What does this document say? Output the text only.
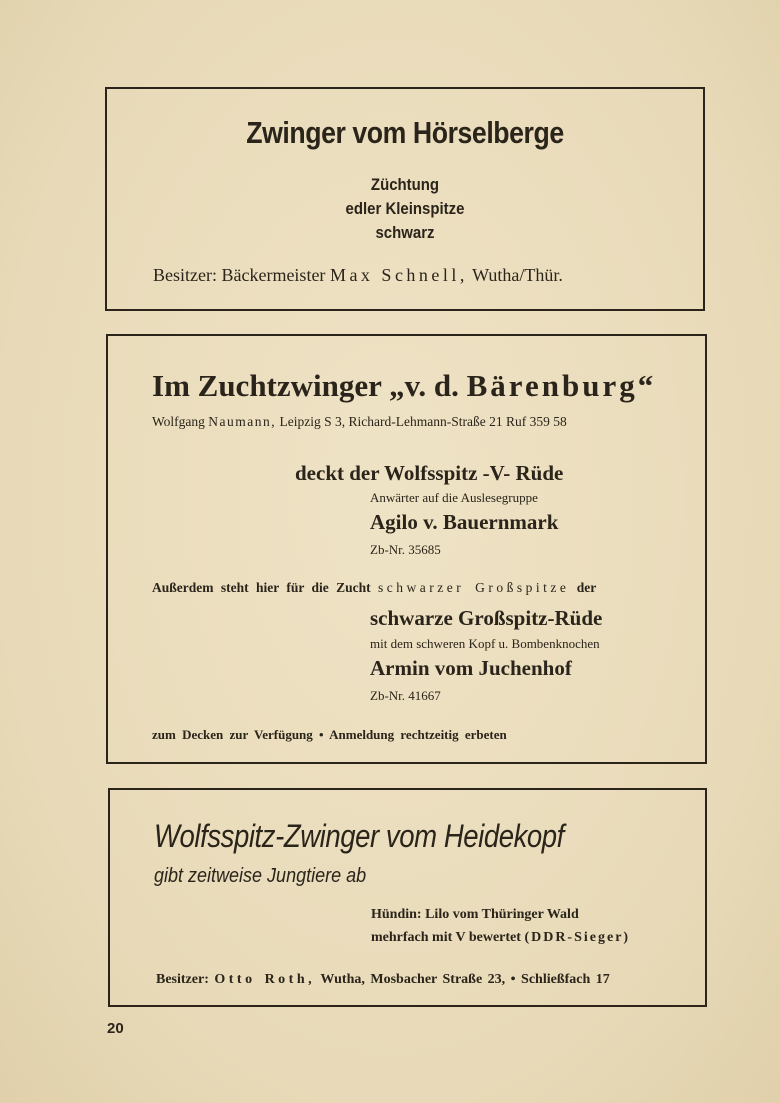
Zwinger vom Hörselberge
Züchtung
edler Kleinspitze
schwarz
Besitzer: Bäckermeister Max Schnell, Wutha/Thür.
Im Zuchtzwinger „v. d. Bärenburg“
Wolfgang Naumann, Leipzig S 3, Richard-Lehmann-Straße 21 Ruf 359 58
deckt der Wolfsspitz -V- Rüde
Anwärter auf die Auslesegruppe
Agilo v. Bauernmark
Zb-Nr. 35685
Außerdem steht hier für die Zucht schwarzer Großspitze der
schwarze Großspitz-Rüde
mit dem schweren Kopf u. Bombenknochen
Armin vom Juchenhof
Zb-Nr. 41667
zum Decken zur Verfügung • Anmeldung rechtzeitig erbeten
Wolfsspitz-Zwinger vom Heidekopf
gibt zeitweise Jungtiere ab
Hündin: Lilo vom Thüringer Wald
mehrfach mit V bewertet (DDR-Sieger)
Besitzer: Otto Roth, Wutha, Mosbacher Straße 23, • Schließfach 17
20
